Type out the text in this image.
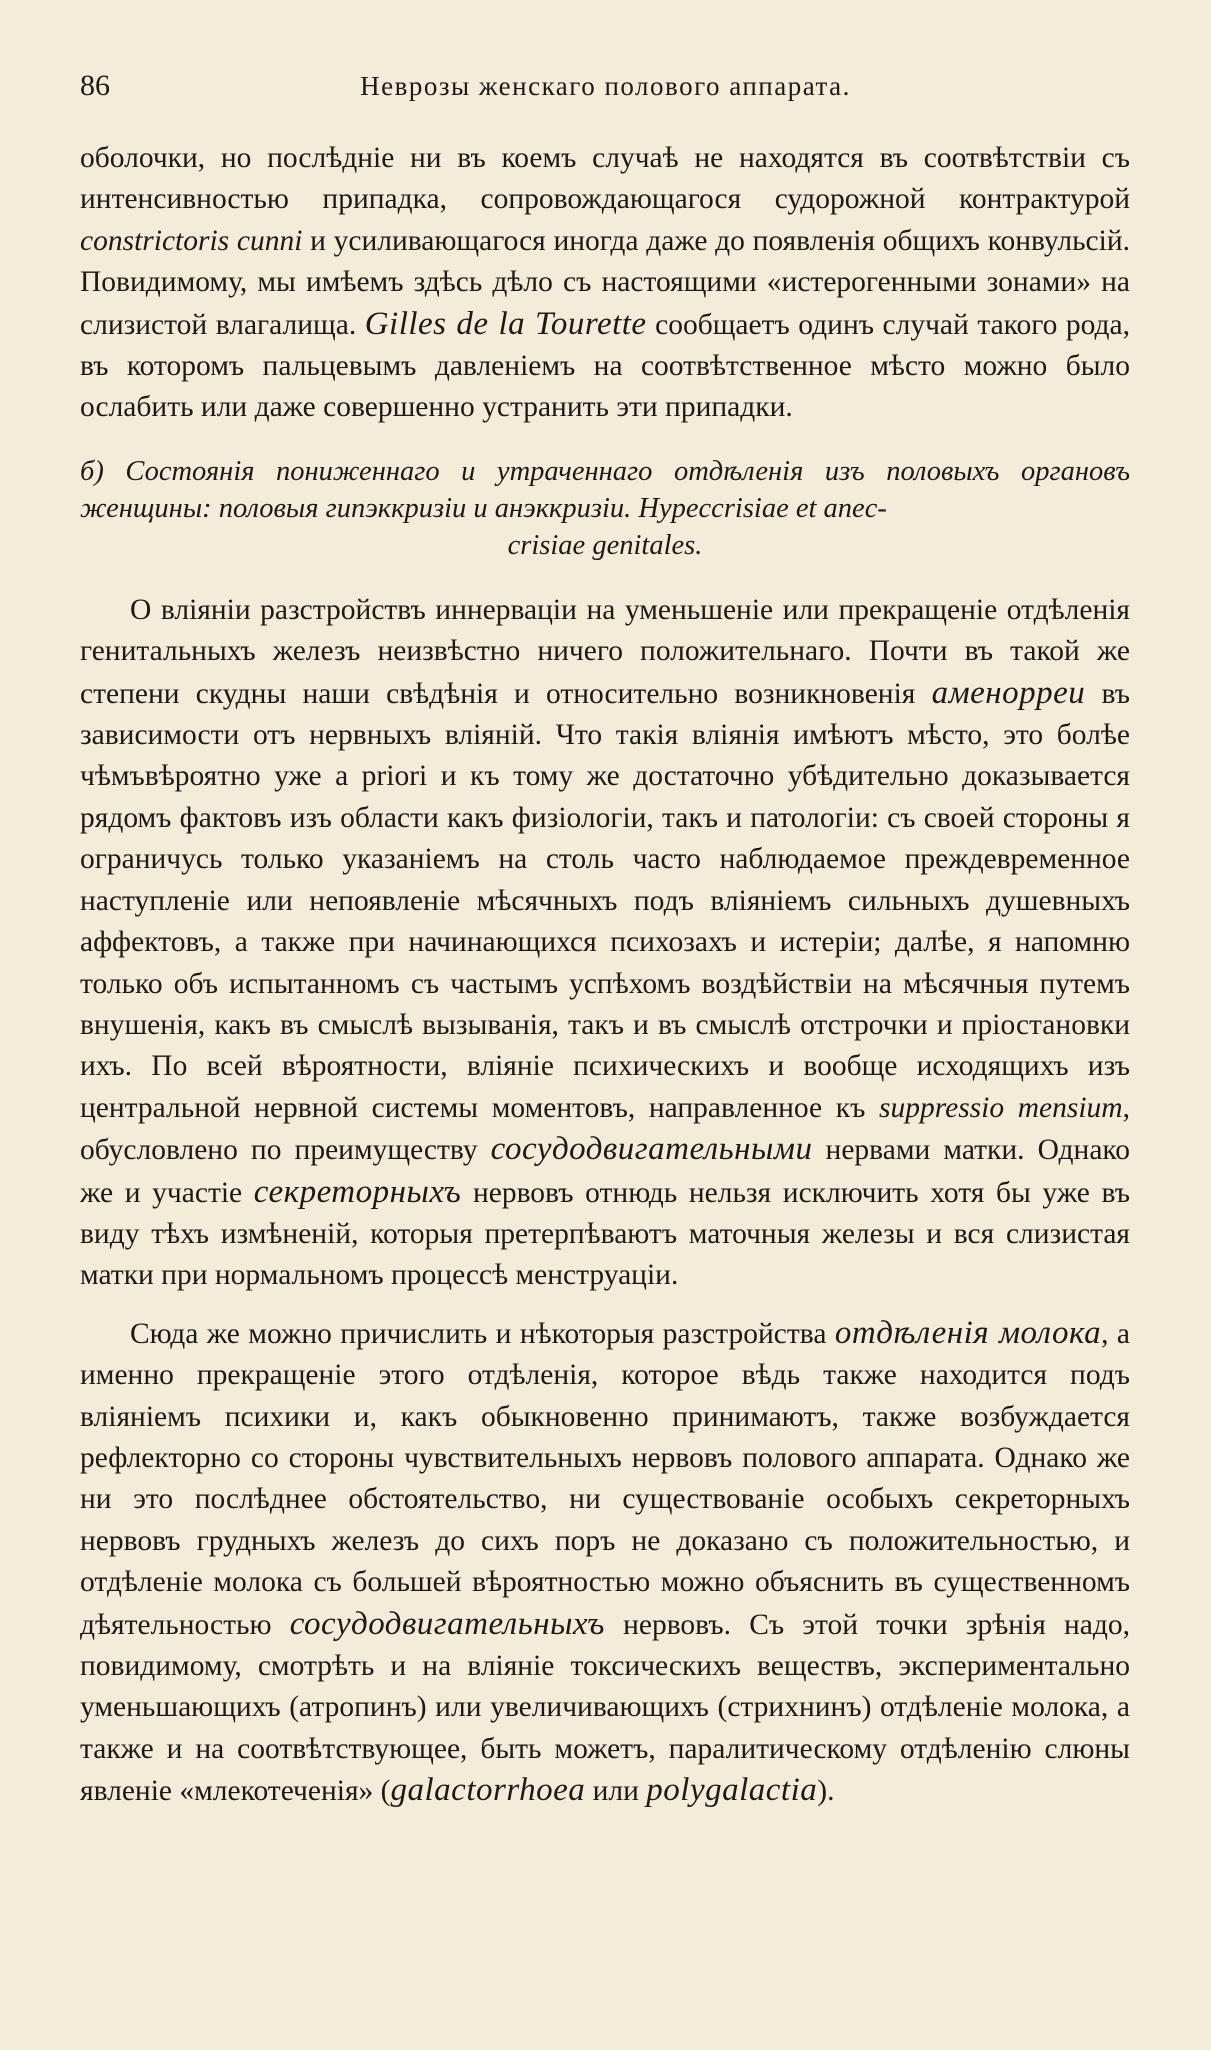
86	Неврозы женскаго полового аппарата.

оболочки, но послѣдніе ни въ коемъ случаѣ не находятся въ соотвѣтствіи съ интенсивностью припадка, сопровождающагося судорожной контрактурой constrictoris cunni и усиливающагося иногда даже до появленія общихъ конвульсій. Повидимому, мы имѣемъ здѣсь дѣло съ настоящими «истерогенными зонами» на слизистой влагалища. Gilles de la Tourette сообщаетъ одинъ случай такого рода, въ которомъ пальцевымъ давленіемъ на соотвѣтственное мѣсто можно было ослабить или даже совершенно устранить эти припадки.

б) Состоянія пониженнаго и утраченнаго отдѣленія изъ половыхъ органовъ женщины: половыя гипэккризіи и анэккризіи. Hypecсrisiae et anec-
crisiae genitales.

О вліяніи разстройствъ иннерваціи на уменьшеніе или прекращеніе отдѣленія генитальныхъ железъ неизвѣстно ничего положительнаго. Почти въ такой же степени скудны наши свѣдѣнія и относительно возникновенія аменорреи въ зависимости отъ нервныхъ вліяній. Что такія вліянія имѣютъ мѣсто, это болѣе чѣмъвѣроятно уже a priori и къ тому же достаточно убѣдительно доказывается рядомъ фактовъ изъ области какъ физіологіи, такъ и патологіи: съ своей стороны я ограничусь только указаніемъ на столь часто наблюдаемое преждевременное наступленіе или непоявленіе мѣсячныхъ подъ вліяніемъ сильныхъ душевныхъ аффектовъ, а также при начинающихся психозахъ и истеріи; далѣе, я напомню только объ испытанномъ съ частымъ успѣхомъ воздѣйствіи на мѣсячныя путемъ внушенія, какъ въ смыслѣ вызыванія, такъ и въ смыслѣ отстрочки и пріостановки ихъ. По всей вѣроятности, вліяніе психическихъ и вообще исходящихъ изъ центральной нервной системы моментовъ, направленное къ suppressio mensium, обусловлено по преимуществу сосудодвигательными нервами матки. Однако же и участіе секреторныхъ нервовъ отнюдь нельзя исключить хотя бы уже въ виду тѣхъ измѣненій, которыя претерпѣваютъ маточныя железы и вся слизистая матки при нормальномъ процессѣ менструаціи.

Сюда же можно причислить и нѣкоторыя разстройства отдѣленія молока, а именно прекращеніе этого отдѣленія, которое вѣдь также находится подъ вліяніемъ психики и, какъ обыкновенно принимаютъ, также возбуждается рефлекторно со стороны чувствительныхъ нервовъ полового аппарата. Однако же ни это послѣднее обстоятельство, ни существованіе особыхъ секреторныхъ нервовъ грудныхъ железъ до сихъ поръ не доказано съ положительностью, и отдѣленіе молока съ большей вѣроятностью можно объяснить въ существенномъ дѣятельностью сосудодвигательныхъ нервовъ. Съ этой точки зрѣнія надо, повидимому, смотрѣть и на вліяніе токсическихъ веществъ, экспериментально уменьшающихъ (атропинъ) или увеличивающихъ (стрихнинъ) отдѣленіе молока, а также и на соотвѣтствующее, быть можетъ, паралитическому отдѣленію слюны явленіе «млекотеченія» (galactorrhoea или polygalactia).
